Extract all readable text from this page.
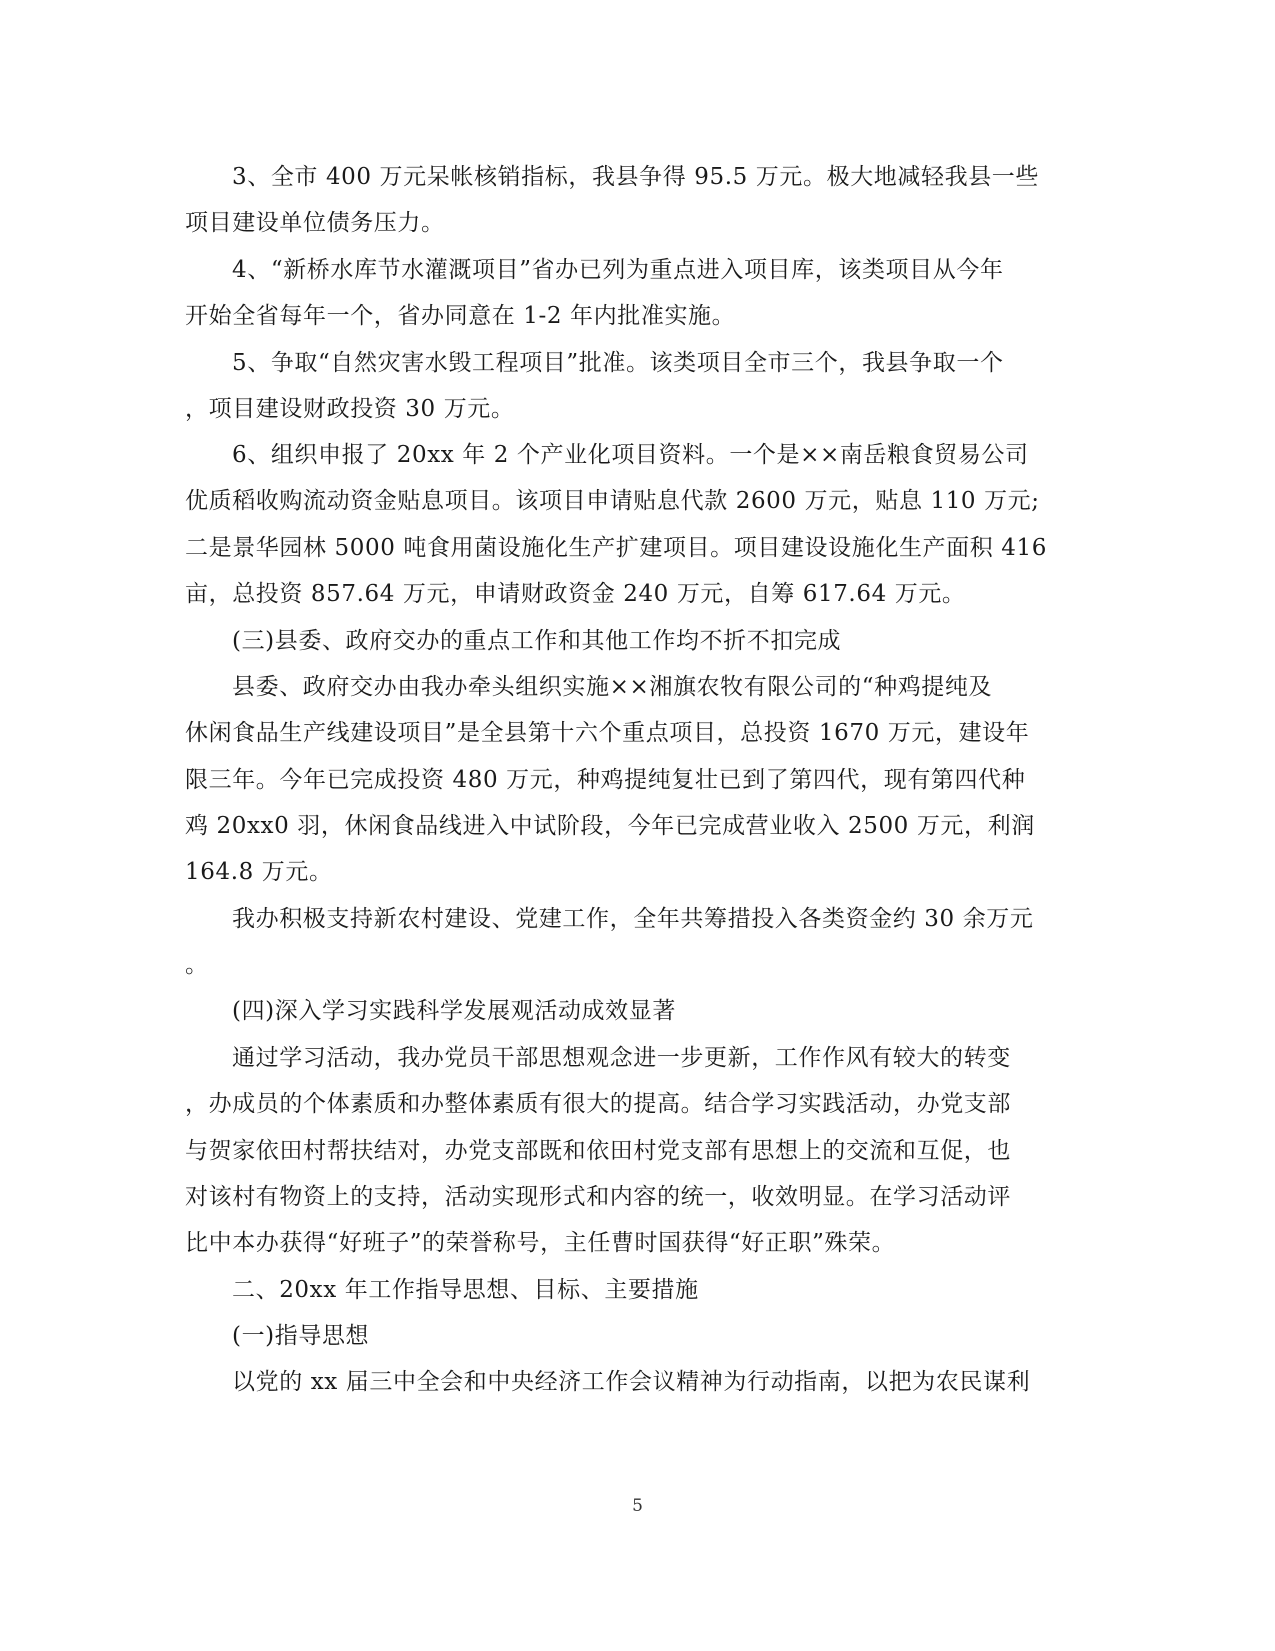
3、全市 400 万元呆帐核销指标，我县争得 95.5 万元。极大地减轻我县一些
项目建设单位债务压力。
4、“新桥水库节水灌溉项目”省办已列为重点进入项目库，该类项目从今年
开始全省每年一个，省办同意在 1-2 年内批准实施。
5、争取“自然灾害水毁工程项目”批准。该类项目全市三个，我县争取一个
，项目建设财政投资 30 万元。
6、组织申报了 20xx 年 2 个产业化项目资料。一个是××南岳粮食贸易公司
优质稻收购流动资金贴息项目。该项目申请贴息代款 2600 万元，贴息 110 万元;
二是景华园林 5000 吨食用菌设施化生产扩建项目。项目建设设施化生产面积 416
亩，总投资 857.64 万元，申请财政资金 240 万元，自筹 617.64 万元。
(三)县委、政府交办的重点工作和其他工作均不折不扣完成
县委、政府交办由我办牵头组织实施××湘旗农牧有限公司的“种鸡提纯及
休闲食品生产线建设项目”是全县第十六个重点项目，总投资 1670 万元，建设年
限三年。今年已完成投资 480 万元，种鸡提纯复壮已到了第四代，现有第四代种
鸡 20xx0 羽，休闲食品线进入中试阶段，今年已完成营业收入 2500 万元，利润
164.8 万元。
我办积极支持新农村建设、党建工作，全年共筹措投入各类资金约 30 余万元
。
(四)深入学习实践科学发展观活动成效显著
通过学习活动，我办党员干部思想观念进一步更新，工作作风有较大的转变
，办成员的个体素质和办整体素质有很大的提高。结合学习实践活动，办党支部
与贺家依田村帮扶结对，办党支部既和依田村党支部有思想上的交流和互促，也
对该村有物资上的支持，活动实现形式和内容的统一，收效明显。在学习活动评
比中本办获得“好班子”的荣誉称号，主任曹时国获得“好正职”殊荣。
二、20xx 年工作指导思想、目标、主要措施
(一)指导思想
以党的 xx 届三中全会和中央经济工作会议精神为行动指南，以把为农民谋利
5
